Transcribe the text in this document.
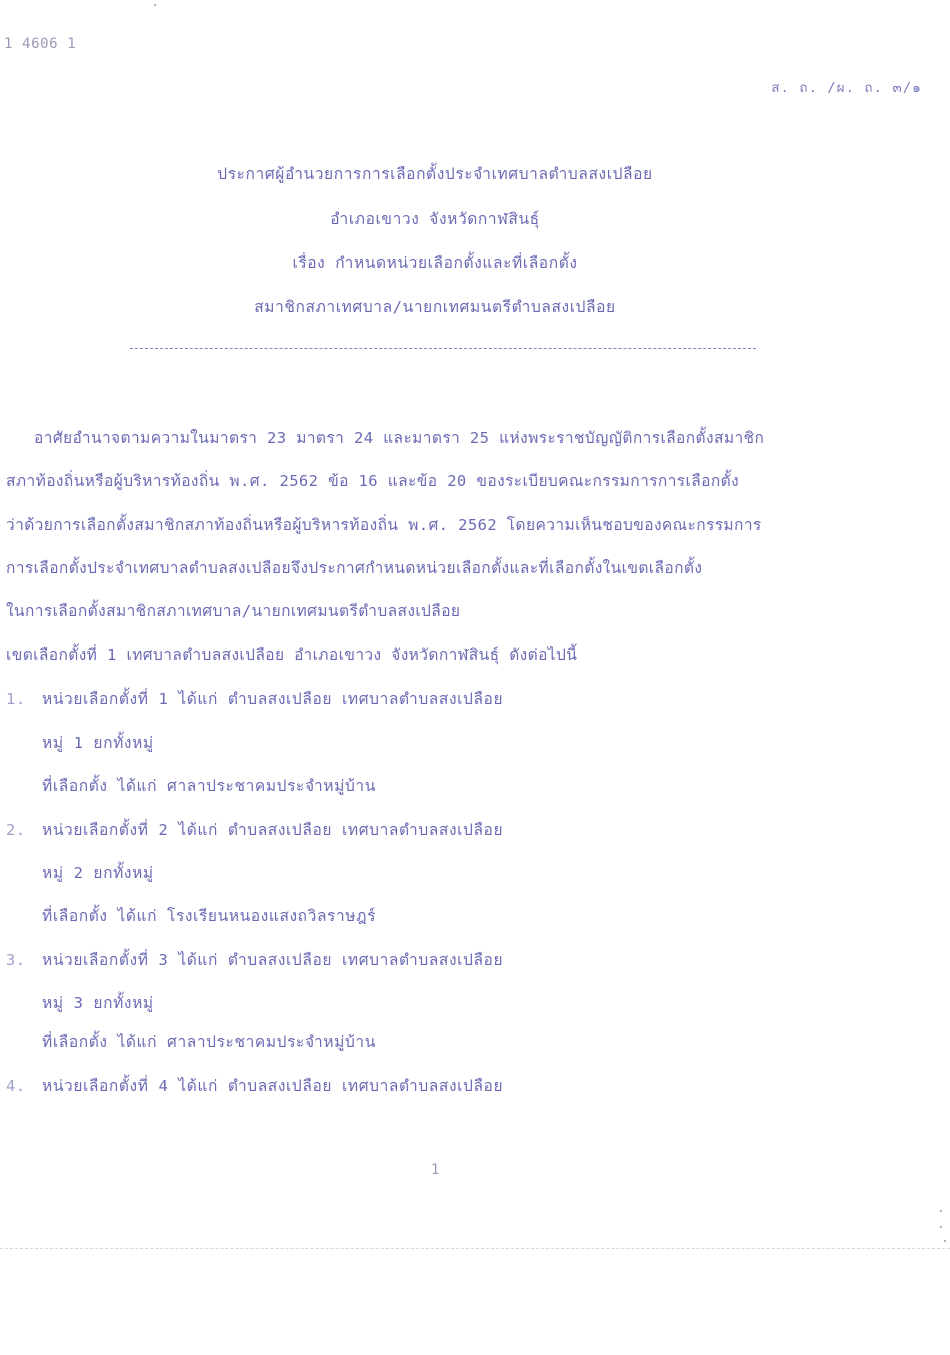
1 4606 1
ส. ถ. /ผ. ถ. ๓/๑
ประกาศผู้อำนวยการการเลือกตั้งประจำเทศบาลตำบลสงเปลือย
อำเภอเขาวง จังหวัดกาฬสินธุ์
เรื่อง กำหนดหน่วยเลือกตั้งและที่เลือกตั้ง
สมาชิกสภาเทศบาล/นายกเทศมนตรีตำบลสงเปลือย
อาศัยอำนาจตามความในมาตรา 23 มาตรา 24 และมาตรา 25 แห่งพระราชบัญญัติการเลือกตั้งสมาชิก
สภาท้องถิ่นหรือผู้บริหารท้องถิ่น พ.ศ. 2562 ข้อ 16 และข้อ 20 ของระเบียบคณะกรรมการการเลือกตั้ง
ว่าด้วยการเลือกตั้งสมาชิกสภาท้องถิ่นหรือผู้บริหารท้องถิ่น พ.ศ. 2562 โดยความเห็นชอบของคณะกรรมการ
การเลือกตั้งประจำเทศบาลตำบลสงเปลือยจึงประกาศกำหนดหน่วยเลือกตั้งและที่เลือกตั้งในเขตเลือกตั้ง
ในการเลือกตั้งสมาชิกสภาเทศบาล/นายกเทศมนตรีตำบลสงเปลือย
เขตเลือกตั้งที่ 1 เทศบาลตำบลสงเปลือย อำเภอเขาวง จังหวัดกาฬสินธุ์ ดังต่อไปนี้
1. หน่วยเลือกตั้งที่ 1 ได้แก่ ตำบลสงเปลือย เทศบาลตำบลสงเปลือย
หมู่ 1 ยกทั้งหมู่
ที่เลือกตั้ง ได้แก่ ศาลาประชาคมประจำหมู่บ้าน
2. หน่วยเลือกตั้งที่ 2 ได้แก่ ตำบลสงเปลือย เทศบาลตำบลสงเปลือย
หมู่ 2 ยกทั้งหมู่
ที่เลือกตั้ง ได้แก่ โรงเรียนหนองแสงถวิลราษฎร์
3. หน่วยเลือกตั้งที่ 3 ได้แก่ ตำบลสงเปลือย เทศบาลตำบลสงเปลือย
หมู่ 3 ยกทั้งหมู่
ที่เลือกตั้ง ได้แก่ ศาลาประชาคมประจำหมู่บ้าน
4. หน่วยเลือกตั้งที่ 4 ได้แก่ ตำบลสงเปลือย เทศบาลตำบลสงเปลือย
1
